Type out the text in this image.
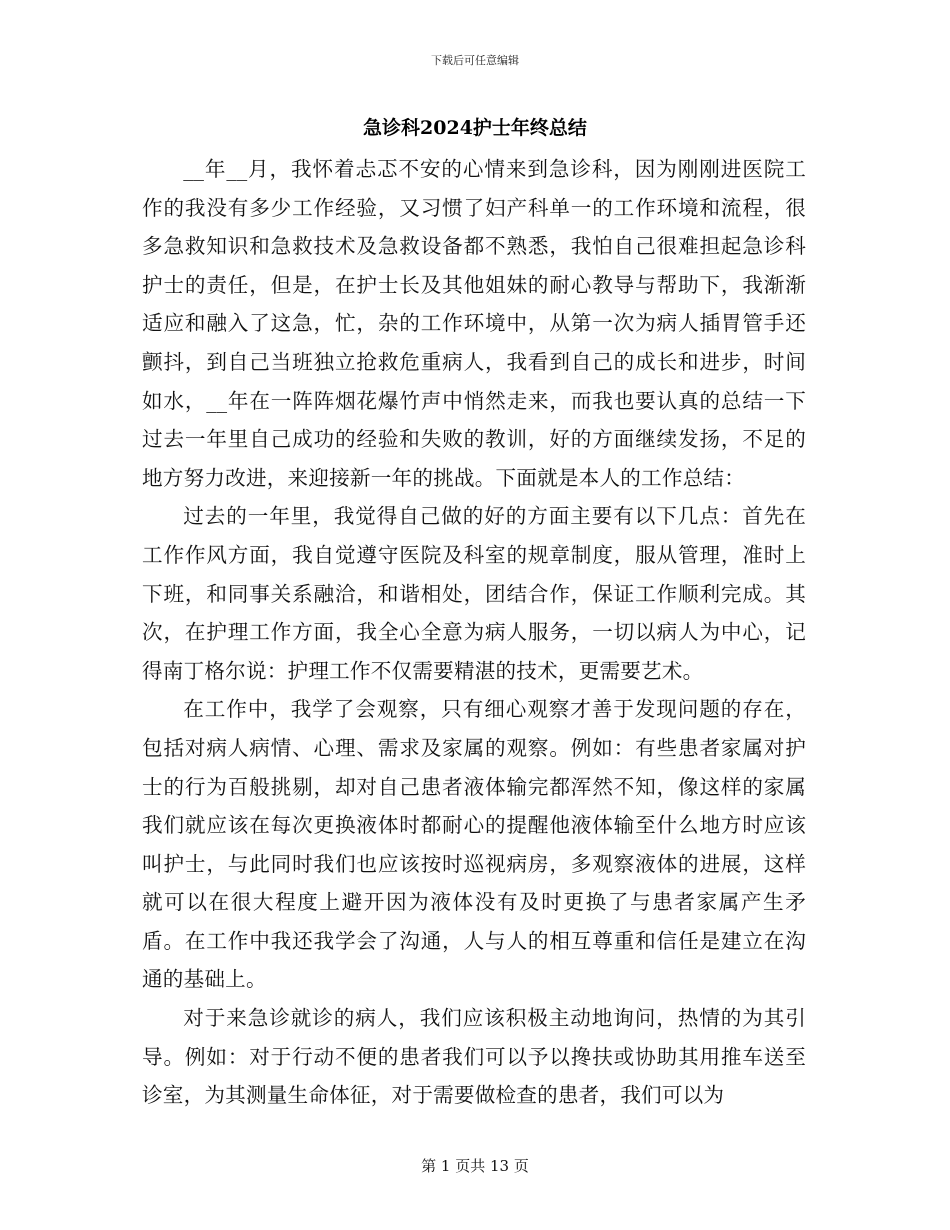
下载后可任意编辑
急诊科2024护士年终总结

__年__月，我怀着忐忑不安的心情来到急诊科，因为刚刚进医院工作的我没有多少工作经验，又习惯了妇产科单一的工作环境和流程，很多急救知识和急救技术及急救设备都不熟悉，我怕自己很难担起急诊科护士的责任，但是，在护士长及其他姐妹的耐心教导与帮助下，我渐渐适应和融入了这急，忙，杂的工作环境中，从第一次为病人插胃管手还颤抖，到自己当班独立抢救危重病人，我看到自己的成长和进步，时间如水，__年在一阵阵烟花爆竹声中悄然走来，而我也要认真的总结一下过去一年里自己成功的经验和失败的教训，好的方面继续发扬，不足的地方努力改进，来迎接新一年的挑战。下面就是本人的工作总结：

过去的一年里，我觉得自己做的好的方面主要有以下几点：首先在工作作风方面，我自觉遵守医院及科室的规章制度，服从管理，准时上下班，和同事关系融洽，和谐相处，团结合作，保证工作顺利完成。其次，在护理工作方面，我全心全意为病人服务，一切以病人为中心，记得南丁格尔说：护理工作不仅需要精湛的技术，更需要艺术。

在工作中，我学了会观察，只有细心观察才善于发现问题的存在，包括对病人病情、心理、需求及家属的观察。例如：有些患者家属对护士的行为百般挑剔，却对自己患者液体输完都浑然不知，像这样的家属我们就应该在每次更换液体时都耐心的提醒他液体输至什么地方时应该叫护士，与此同时我们也应该按时巡视病房，多观察液体的进展，这样就可以在很大程度上避开因为液体没有及时更换了与患者家属产生矛盾。在工作中我还我学会了沟通，人与人的相互尊重和信任是建立在沟通的基础上。

对于来急诊就诊的病人，我们应该积极主动地询问，热情的为其引导。例如：对于行动不便的患者我们可以予以搀扶或协助其用推车送至诊室，为其测量生命体征，对于需要做检查的患者，我们可以为

第 1 页共 13 页
